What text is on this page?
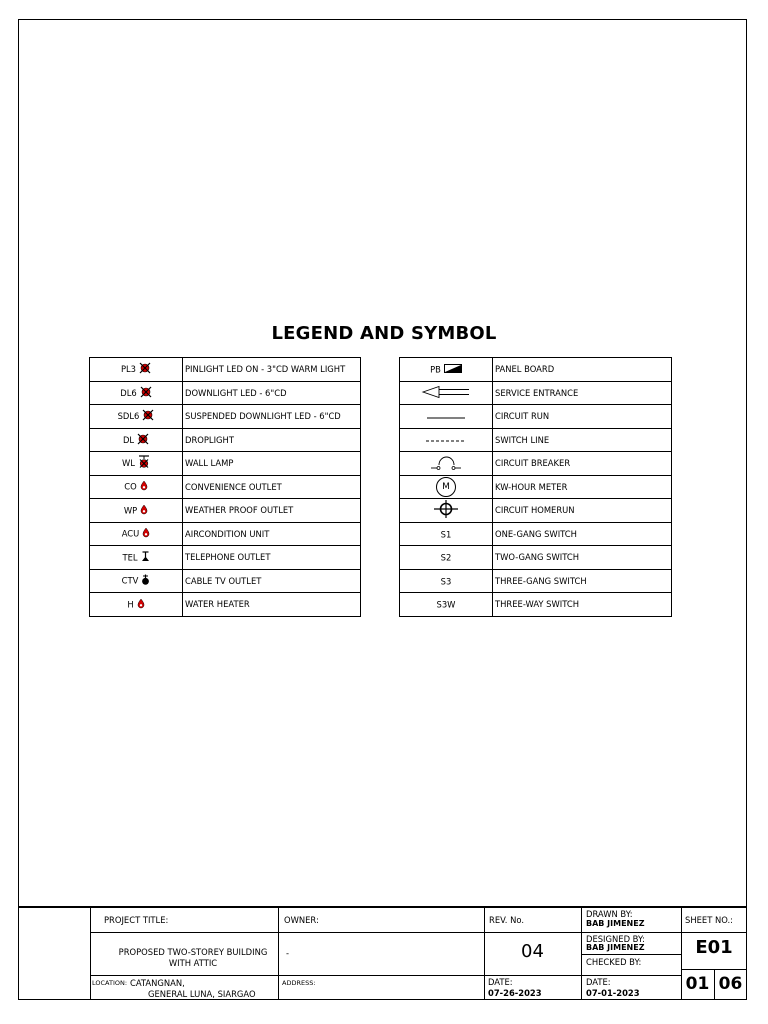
LEGEND AND SYMBOL
PL3	PINLIGHT LED ON - 3"CD WARM LIGHT
DL6	DOWNLIGHT LED - 6"CD
SDL6	SUSPENDED DOWNLIGHT LED - 6"CD
DL	DROPLIGHT
WL	WALL LAMP
CO	CONVENIENCE OUTLET
WP	WEATHER PROOF OUTLET
ACU	AIRCONDITION UNIT
TEL	TELEPHONE OUTLET
CTV	CABLE TV OUTLET
H	WATER HEATER
PB	PANEL BOARD
	SERVICE ENTRANCE
	CIRCUIT RUN
	SWITCH LINE
	CIRCUIT BREAKER
M	KW-HOUR METER
	CIRCUIT HOMERUN
S1	ONE-GANG SWITCH
S2	TWO-GANG SWITCH
S3	THREE-GANG SWITCH
S3W	THREE-WAY SWITCH
PROJECT TITLE:
PROPOSED TWO-STOREY BUILDING
WITH ATTIC
LOCATION: CATANGNAN,
GENERAL LUNA, SIARGAO
OWNER:
-
ADDRESS:
REV. No.
04
DATE:
07-26-2023
DRAWN BY:
BAB JIMENEZ
DESIGNED BY:
BAB JIMENEZ
CHECKED BY:
DATE:
07-01-2023
SHEET NO.:
E01
01 06
